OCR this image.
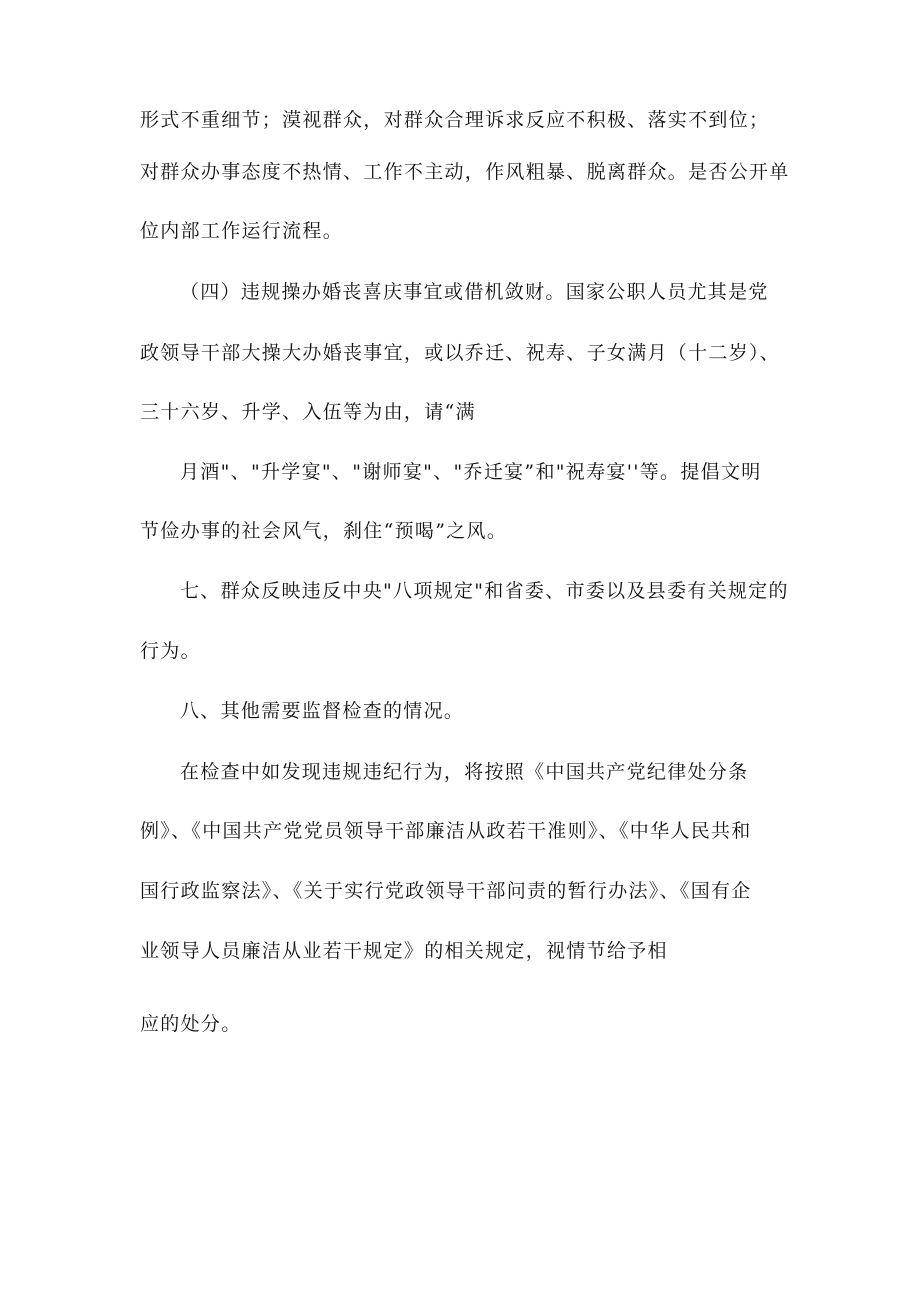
形式不重细节；漠视群众，对群众合理诉求反应不积极、落实不到位；
对群众办事态度不热情、工作不主动，作风粗暴、脱离群众。是否公开单
位内部工作运行流程。
（四）违规操办婚丧喜庆事宜或借机敛财。国家公职人员尤其是党
政领导干部大操大办婚丧事宜，或以乔迁、祝寿、子女满月（十二岁）、
三十六岁、升学、入伍等为由，请“满
月酒"、"升学宴"、"谢师宴"、"乔迁宴”和"祝寿宴''等。提倡文明
节俭办事的社会风气，刹住“预喝”之风。
七、群众反映违反中央"八项规定"和省委、市委以及县委有关规定的
行为。
八、其他需要监督检查的情况。
在检查中如发现违规违纪行为，将按照《中国共产党纪律处分条
例》、《中国共产党党员领导干部廉洁从政若干准则》、《中华人民共和
国行政监察法》、《关于实行党政领导干部问责的暂行办法》、《国有企
业领导人员廉洁从业若干规定》的相关规定，视情节给予相
应的处分。
